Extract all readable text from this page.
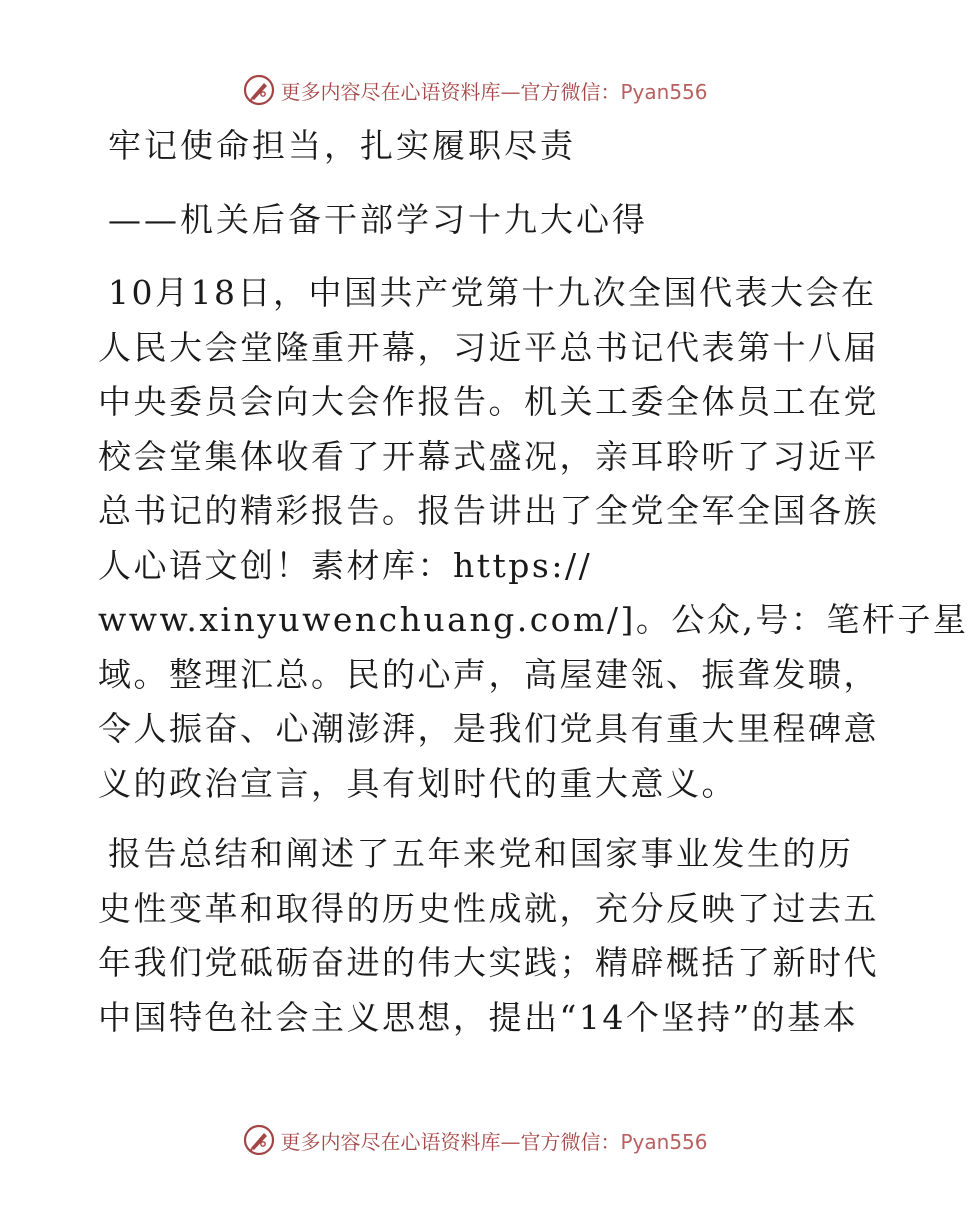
更多内容尽在心语资料库—官方微信：Pyan556
牢记使命担当，扎实履职尽责
——机关后备干部学习十九大心得
10月18日，中国共产党第十九次全国代表大会在
人民大会堂隆重开幕，习近平总书记代表第十八届
中央委员会向大会作报告。机关工委全体员工在党
校会堂集体收看了开幕式盛况，亲耳聆听了习近平
总书记的精彩报告。报告讲出了全党全军全国各族
人心语文创！素材库：https://
www.xinyuwenchuang.com/]。公众,号：笔杆子星
域。整理汇总。民的心声，高屋建瓴、振聋发聩，
令人振奋、心潮澎湃，是我们党具有重大里程碑意
义的政治宣言，具有划时代的重大意义。
报告总结和阐述了五年来党和国家事业发生的历
史性变革和取得的历史性成就，充分反映了过去五
年我们党砥砺奋进的伟大实践；精辟概括了新时代
中国特色社会主义思想，提出“14个坚持”的基本
更多内容尽在心语资料库—官方微信：Pyan556
